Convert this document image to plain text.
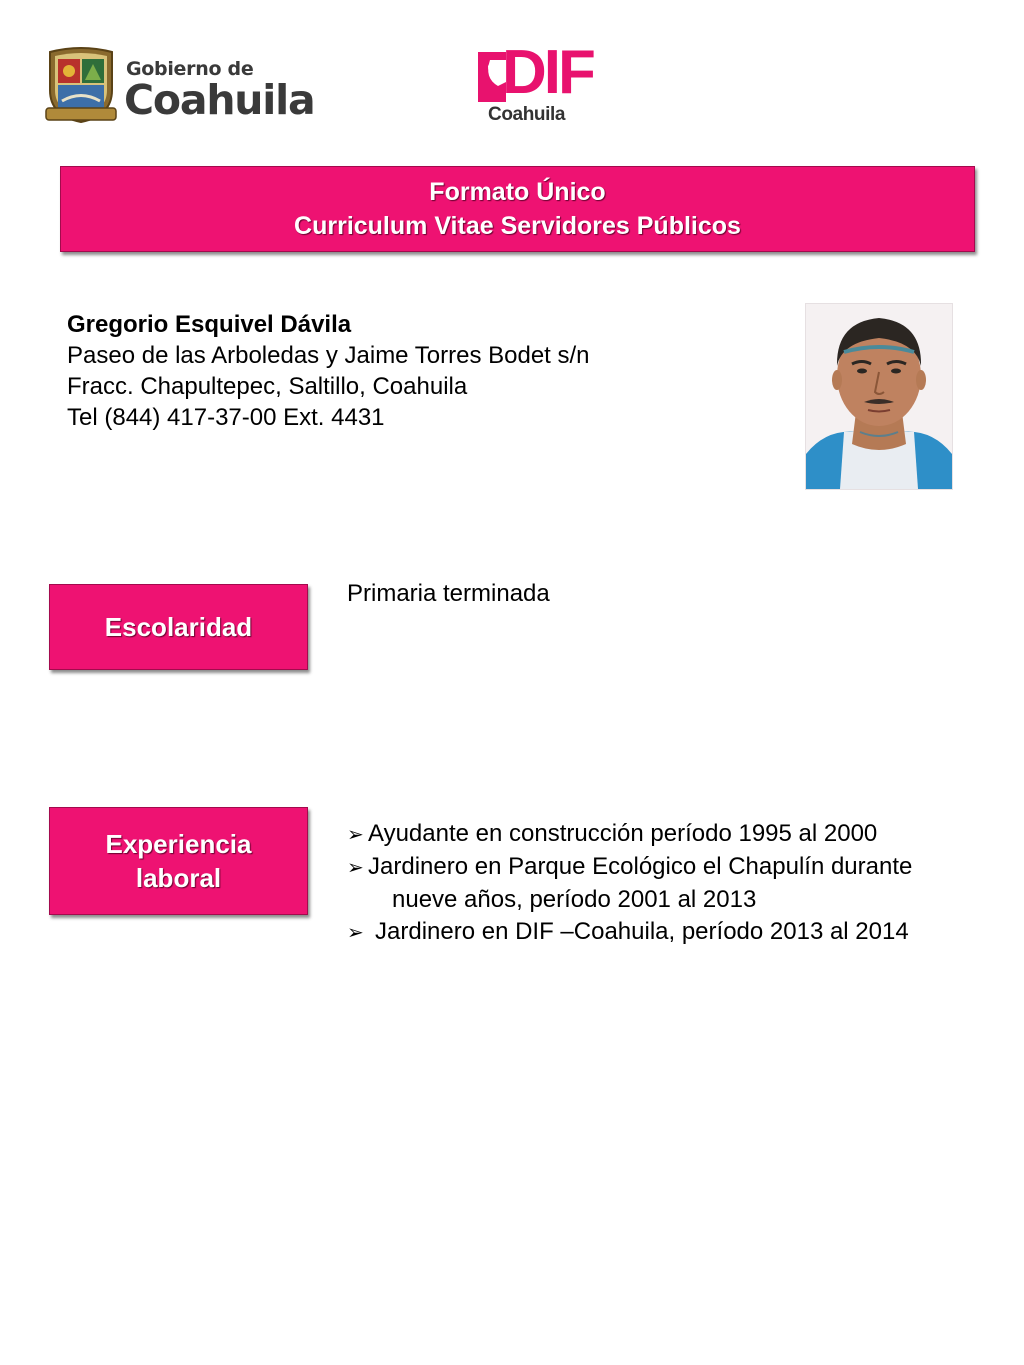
Gobierno de
Coahuila	DIF
Coahuila
Formato Único
Curriculum Vitae Servidores Públicos
Gregorio Esquivel Dávila
Paseo de las Arboledas y Jaime Torres Bodet s/n
Fracc. Chapultepec, Saltillo, Coahuila
Tel (844) 417-37-00 Ext. 4431
Escolaridad
Primaria terminada
Experiencia
laboral
➢ Ayudante en construcción período 1995 al 2000
➢ Jardinero en Parque Ecológico el Chapulín durante
nueve años, período 2001 al 2013
➢ Jardinero en DIF –Coahuila, período 2013 al 2014
